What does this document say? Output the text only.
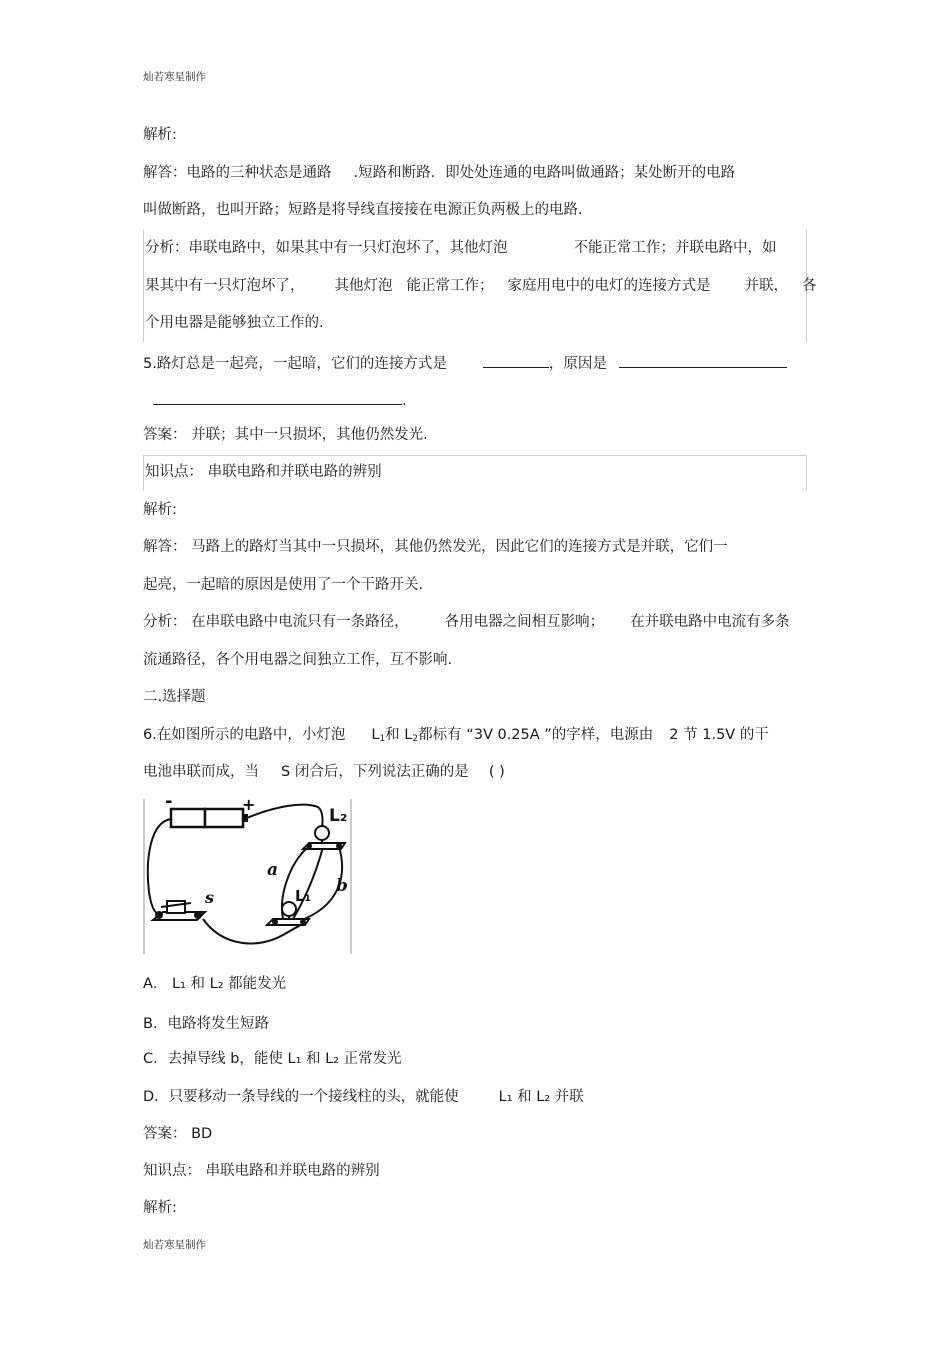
灿若寒星制作
解析:
解答：电路的三种状态是通路 .短路和断路．即处处连通的电路叫做通路；某处断开的电路
叫做断路，也叫开路；短路是将导线直接接在电源正负两极上的电路.
分析：串联电路中，如果其中有一只灯泡坏了，其他灯泡	不能正常工作；并联电路中，如
果其中有一只灯泡坏了， 其他灯泡 能正常工作； 家庭用电中的电灯的连接方式是 并联， 各
个用电器是能够独立工作的.
5.路灯总是一起亮，一起暗，它们的连接方式是	，原因是
.
答案： 并联；其中一只损坏，其他仍然发光.
知识点： 串联电路和并联电路的辨别
解析:
解答： 马路上的路灯当其中一只损坏，其他仍然发光，因此它们的连接方式是并联，它们一
起亮，一起暗的原因是使用了一个干路开关.
分析： 在串联电路中电流只有一条路径， 各用电器之间相互影响； 在并联电路中电流有多条
流通路径，各个用电器之间独立工作，互不影响.
二.选择题
6.在如图所示的电路中，小灯泡 $L_1$和 $L_2$都标有 “3V 0.25A ”的字样，电源由 2 节 1.5V 的干
电池串联而成，当 S 闭合后，下列说法正确的是 ( )
-	+
s
L₂
L₁
a
b
A． L₁ 和 L₂ 都能发光
B．电路将发生短路
C．去掉导线 b，能使 L₁ 和 L₂ 正常发光
D．只要移动一条导线的一个接线柱的头，就能使	L₁ 和 L₂ 并联
答案： BD
知识点： 串联电路和并联电路的辨别
解析:
灿若寒星制作
